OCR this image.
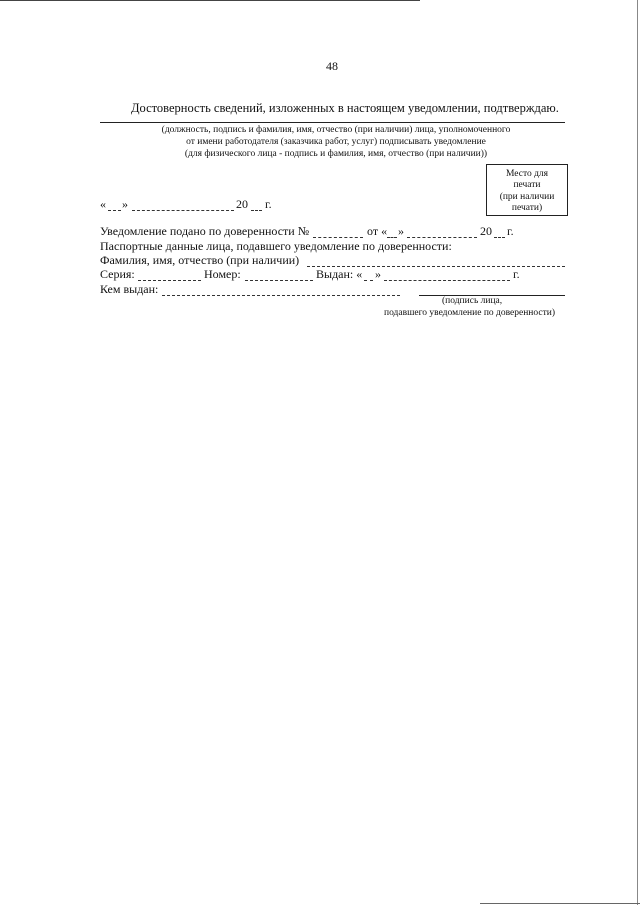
48
Достоверность сведений, изложенных в настоящем уведомлении, подтверждаю.
(должность, подпись и фамилия, имя, отчество (при наличии) лица, уполномоченного
от имени работодателя (заказчика работ, услуг) подписывать уведомление
(для физического лица - подпись и фамилия, имя, отчество (при наличии))
Место для
печати
(при наличии
печати)
« »	20 г.
Уведомление подано по доверенности №	от « »	20 г.
Паспортные данные лица, подавшего уведомление по доверенности:
Фамилия, имя, отчество (при наличии)
Серия:	Номер:	Выдан: « »	г.
Кем выдан:
(подпись лица,
подавшего уведомление по доверенности)
